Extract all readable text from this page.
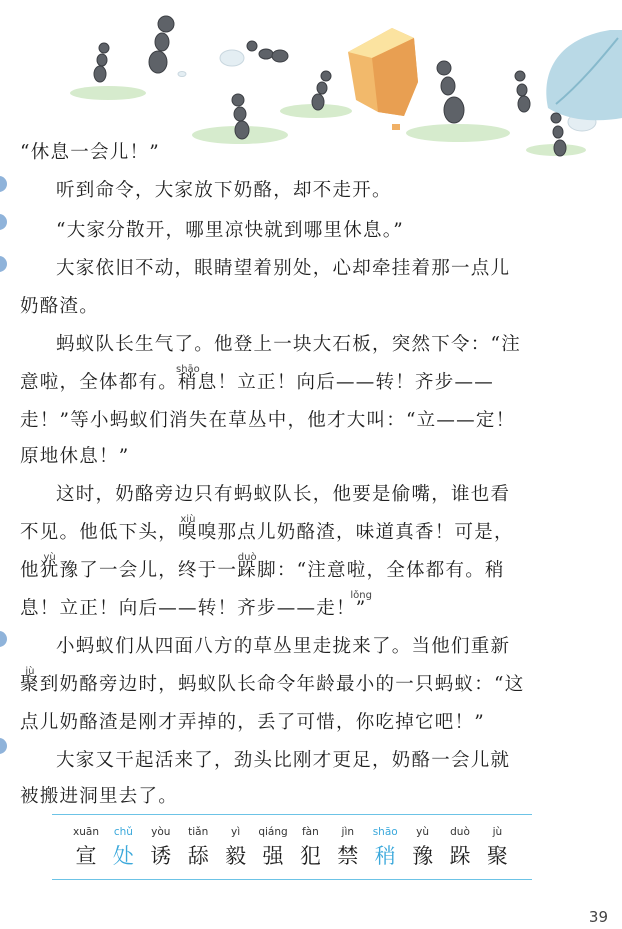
“休息一会儿！”

听到命令，大家放下奶酪，却不走开。

“大家分散开，哪里凉快就到哪里休息。”

大家依旧不动，眼睛望着别处，心却牵挂着那一点儿

奶酪渣。

蚂蚁队长生气了。他登上一块大石板，突然下令：“注

意啦，全体都有。
shāo
稍息！立正！向后——转！齐步——

走！”等小蚂蚁们消失在草丛中，他才大叫：“立——定！

原地休息！”

这时，奶酪旁边只有蚂蚁队长，他要是偷嘴，谁也看

不见。他低下头，
xiù
嗅嗅那点儿奶酪渣，味道真香！可是，

他
yù
犹豫了一会儿，终于一
duò
跺脚：“注意啦，全体都有。稍

息！立正！向后——转！齐步——走！
lǒng
”

小蚂蚁们从四面八方的草丛里走拢来了。当他们重新

jù
聚到奶酪旁边时，蚂蚁队长命令年龄最小的一只蚂蚁：“这

点儿奶酪渣是刚才弄掉的，丢了可惜，你吃掉它吧！”

大家又干起活来了，劲头比刚才更足，奶酪一会儿就

被搬进洞里去了。

xuān
宣
chǔ
处
yòu
诱
tiǎn
舔
yì
毅
qiáng
强
fàn
犯
jìn
禁
shāo
稍
yù
豫
duò
跺
jù
聚
39
